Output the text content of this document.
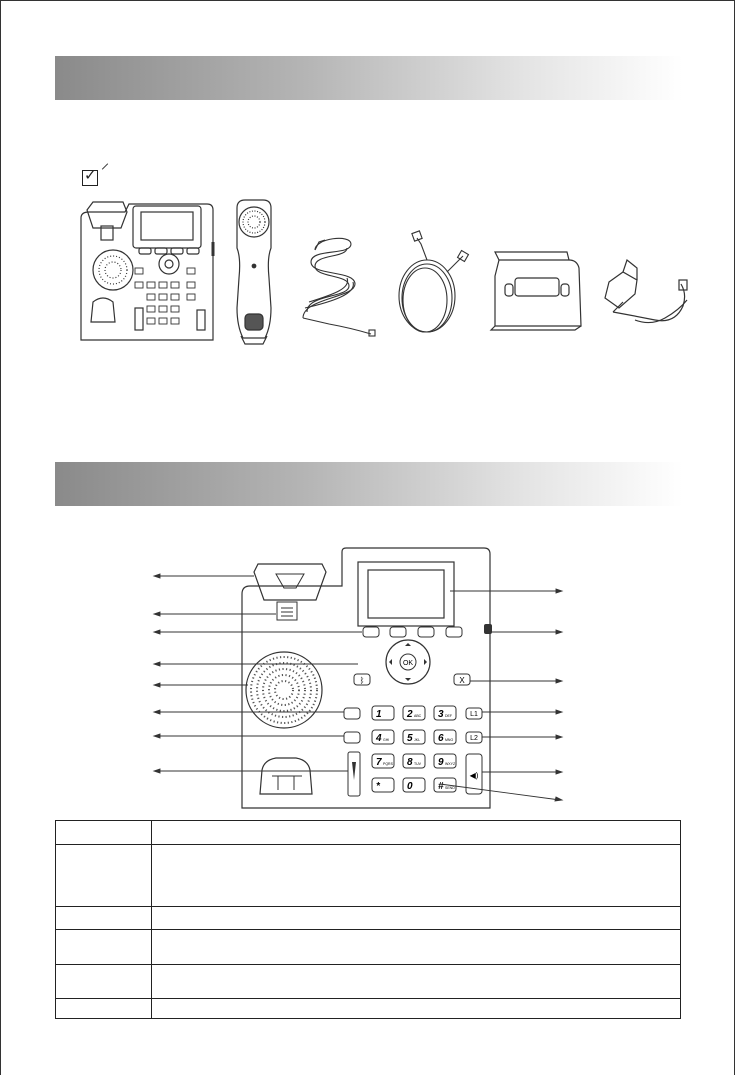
✓
OK
ᛒ	X
L1
L2
◀)
1	2 ABC 3 DEF
4 GHI 5 JKL 6 MNO
7 PQRS 8 TUV 9 WXYZ
*	0	# SEND
